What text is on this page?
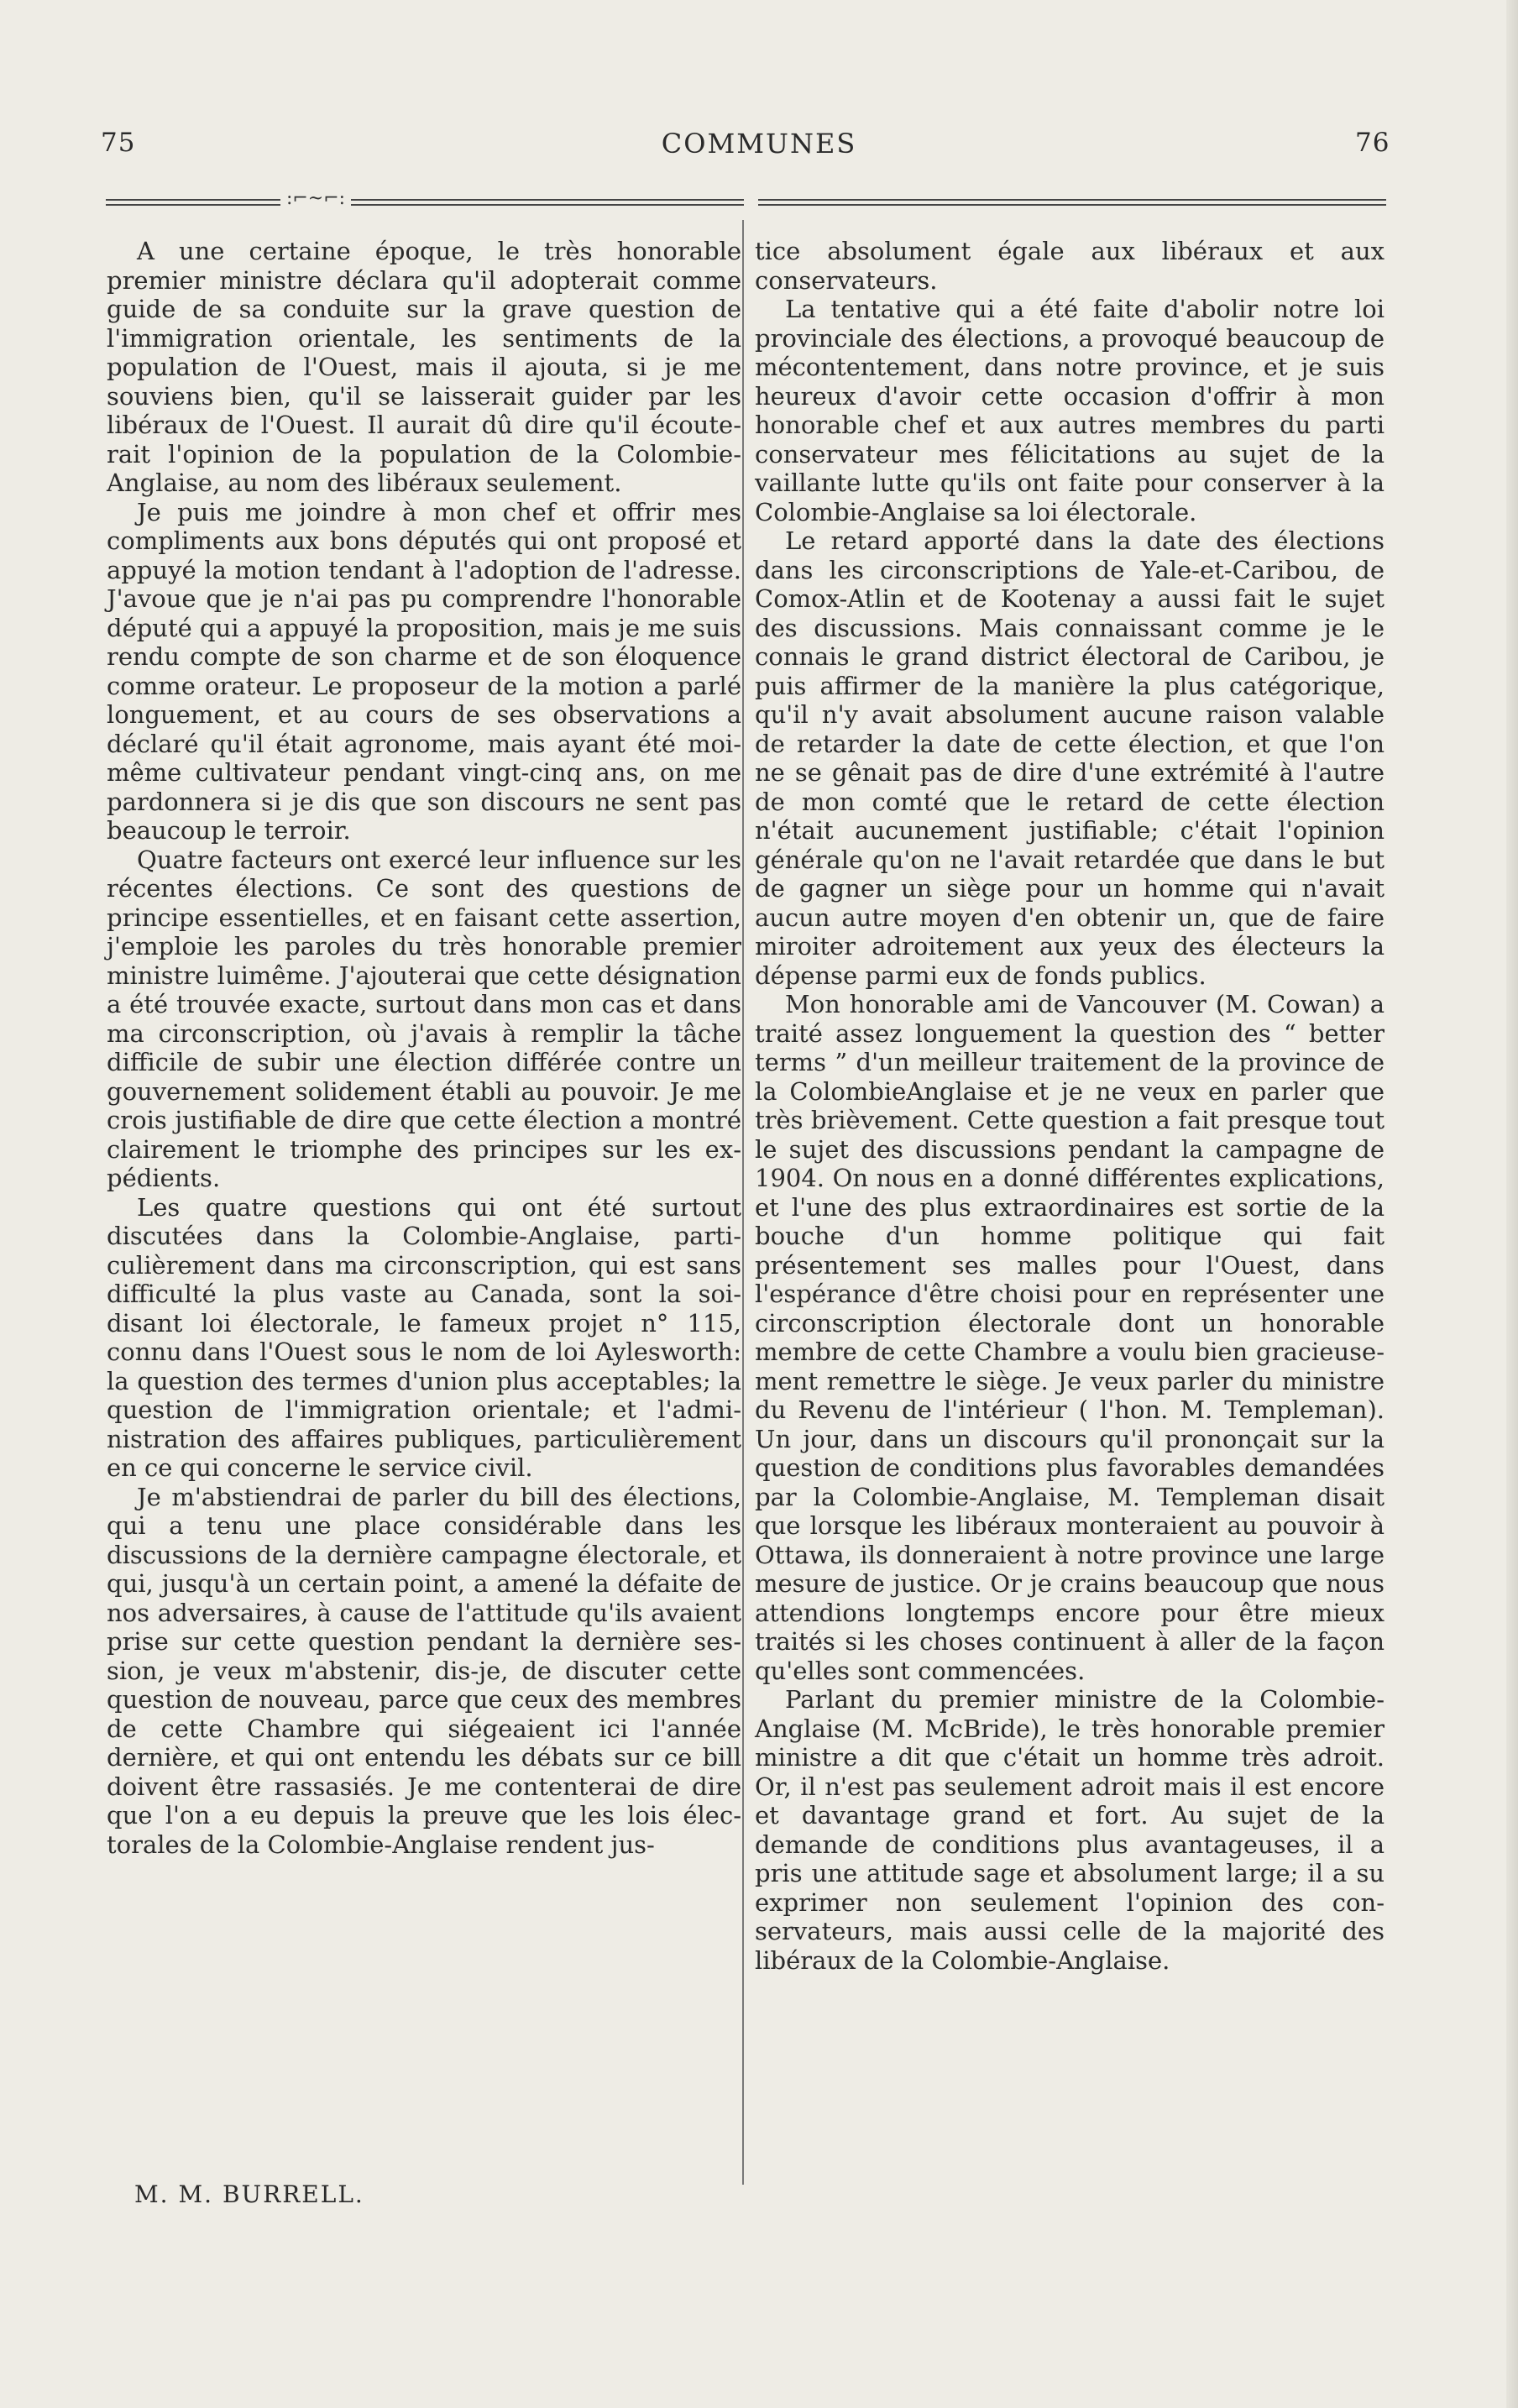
75	COMMUNES	76
:⌐~⌐:

A une certaine époque, le très honorable premier ministre déclara qu'il adopterait comme guide de sa conduite sur la grave question de l'immigration orientale, les sentiments de la population de l'Ouest, mais il ajouta, si je me souviens bien, qu'il se laisserait guider par les libéraux de l'Ouest. Il aurait dû dire qu'il écouterait l'opinion de la population de la Colombie-Anglaise, au nom des libéraux seulement.

Je puis me joindre à mon chef et offrir mes compliments aux bons députés qui ont proposé et appuyé la motion tendant à l'adoption de l'adresse. J'avoue que je n'ai pas pu comprendre l'honorable député qui a appuyé la proposition, mais je me suis rendu compte de son charme et de son éloquence comme orateur. Le proposeur de la motion a parlé longuement, et au cours de ses observations a déclaré qu'il était agronome, mais ayant été moi-même cultivateur pendant vingt-cinq ans, on me pardonnera si je dis que son discours ne sent pas beaucoup le terroir.

Quatre facteurs ont exercé leur influence sur les récentes élections. Ce sont des questions de principe essentielles, et en faisant cette assertion, j'emploie les paroles du très honorable premier ministre luimême. J'ajouterai que cette désignation a été trouvée exacte, surtout dans mon cas et dans ma circonscription, où j'avais à remplir la tâche difficile de subir une élection différée contre un gouvernement solidement établi au pouvoir. Je me crois justifiable de dire que cette élection a montré clairement le triomphe des principes sur les expédients.

Les quatre questions qui ont été surtout discutées dans la Colombie-Anglaise, particulièrement dans ma circonscription, qui est sans difficulté la plus vaste au Canada, sont la soi-disant loi électorale, le fameux projet n° 115, connu dans l'Ouest sous le nom de loi Aylesworth: la question des termes d'union plus acceptables; la question de l'immigration orientale; et l'administration des affaires publiques, particulièrement en ce qui concerne le service civil.

Je m'abstiendrai de parler du bill des élections, qui a tenu une place considérable dans les discussions de la dernière campagne électorale, et qui, jusqu'à un certain point, a amené la défaite de nos adversaires, à cause de l'attitude qu'ils avaient prise sur cette question pendant la dernière session, je veux m'abstenir, dis-je, de discuter cette question de nouveau, parce que ceux des membres de cette Chambre qui siégeaient ici l'année dernière, et qui ont entendu les débats sur ce bill doivent être rassasiés. Je me contenterai de dire que l'on a eu depuis la preuve que les lois électorales de la Colombie-Anglaise rendent jus-

tice absolument égale aux libéraux et aux conservateurs.

La tentative qui a été faite d'abolir notre loi provinciale des élections, a provoqué beaucoup de mécontentement, dans notre province, et je suis heureux d'avoir cette occasion d'offrir à mon honorable chef et aux autres membres du parti conservateur mes félicitations au sujet de la vaillante lutte qu'ils ont faite pour conserver à la Colombie-Anglaise sa loi électorale.

Le retard apporté dans la date des élections dans les circonscriptions de Yale-et-Caribou, de Comox-Atlin et de Kootenay a aussi fait le sujet des discussions. Mais connaissant comme je le connais le grand district électoral de Caribou, je puis affirmer de la manière la plus catégorique, qu'il n'y avait absolument aucune raison valable de retarder la date de cette élection, et que l'on ne se gênait pas de dire d'une extrémité à l'autre de mon comté que le retard de cette élection n'était aucunement justifiable; c'était l'opinion générale qu'on ne l'avait retardée que dans le but de gagner un siège pour un homme qui n'avait aucun autre moyen d'en obtenir un, que de faire miroiter adroitement aux yeux des électeurs la dépense parmi eux de fonds publics.

Mon honorable ami de Vancouver (M. Cowan) a traité assez longuement la question des “ better terms ” d'un meilleur traitement de la province de la ColombieAnglaise et je ne veux en parler que très brièvement. Cette question a fait presque tout le sujet des discussions pendant la campagne de 1904. On nous en a donné différentes explications, et l'une des plus extraordinaires est sortie de la bouche d'un homme politique qui fait présentement ses malles pour l'Ouest, dans l'espérance d'être choisi pour en représenter une circonscription électorale dont un honorable membre de cette Chambre a voulu bien gracieusement remettre le siège. Je veux parler du ministre du Revenu de l'intérieur ( l'hon. M. Templeman). Un jour, dans un discours qu'il prononçait sur la question de conditions plus favorables demandées par la Colombie-Anglaise, M. Templeman disait que lorsque les libéraux monteraient au pouvoir à Ottawa, ils donneraient à notre province une large mesure de justice. Or je crains beaucoup que nous attendions longtemps encore pour être mieux traités si les choses continuent à aller de la façon qu'elles sont commencées.

Parlant du premier ministre de la Colombie-Anglaise (M. McBride), le très honorable premier ministre a dit que c'était un homme très adroit. Or, il n'est pas seulement adroit mais il est encore et davantage grand et fort. Au sujet de la demande de conditions plus avantageuses, il a pris une attitude sage et absolument large; il a su exprimer non seulement l'opinion des conservateurs, mais aussi celle de la majorité des libéraux de la Colombie-Anglaise.

M. M. BURRELL.
